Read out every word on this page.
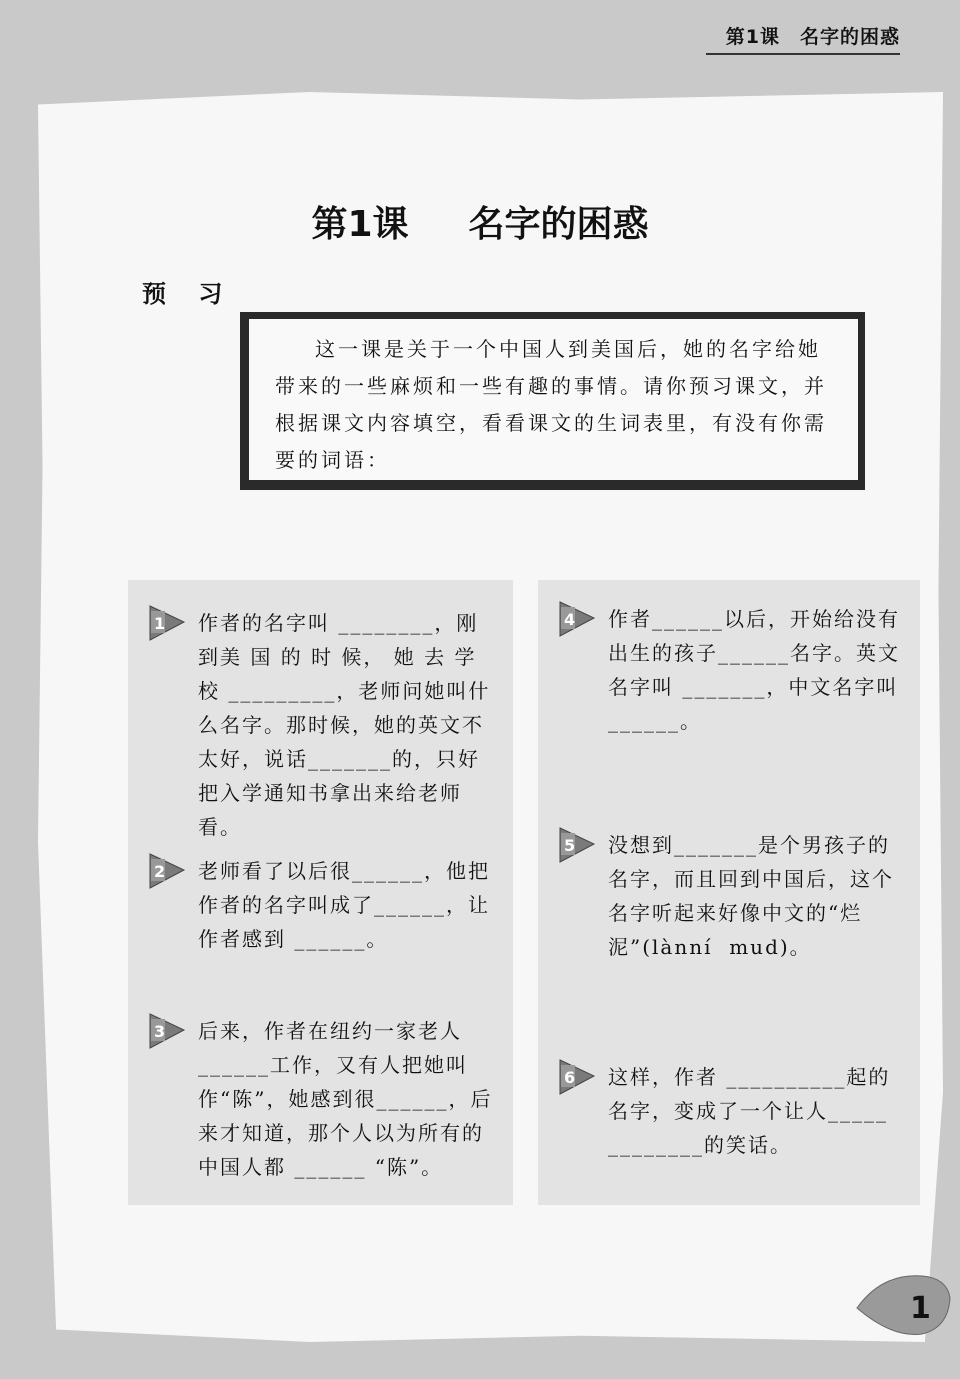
第1课 名字的困惑
第1课 名字的困惑
预 习

这一课是关于一个中国人到美国后，她的名字给她带来的一些麻烦和一些有趣的事情。请你预习课文，并根据课文内容填空，看看课文的生词表里，有没有你需要的词语：

1 作者的名字叫 ________，刚到美 国 的 时 候， 她 去 学 校 _________，老师问她叫什么名字。那时候，她的英文不太好，说话_______的，只好把入学通知书拿出来给老师看。
2 老师看了以后很______，他把作者的名字叫成了______，让作者感到 ______。
3 后来，作者在纽约一家老人______工作，又有人把她叫作“陈”，她感到很______，后来才知道，那个人以为所有的中国人都 ______ “陈”。
4 作者______以后，开始给没有出生的孩子______名字。英文名字叫 _______，中文名字叫
______。
5 没想到_______是个男孩子的名字，而且回到中国后，这个名字听起来好像中文的“烂泥”(lànní  mud)。
6 这样，作者 __________起的名字，变成了一个让人_____ ________的笑话。
1
